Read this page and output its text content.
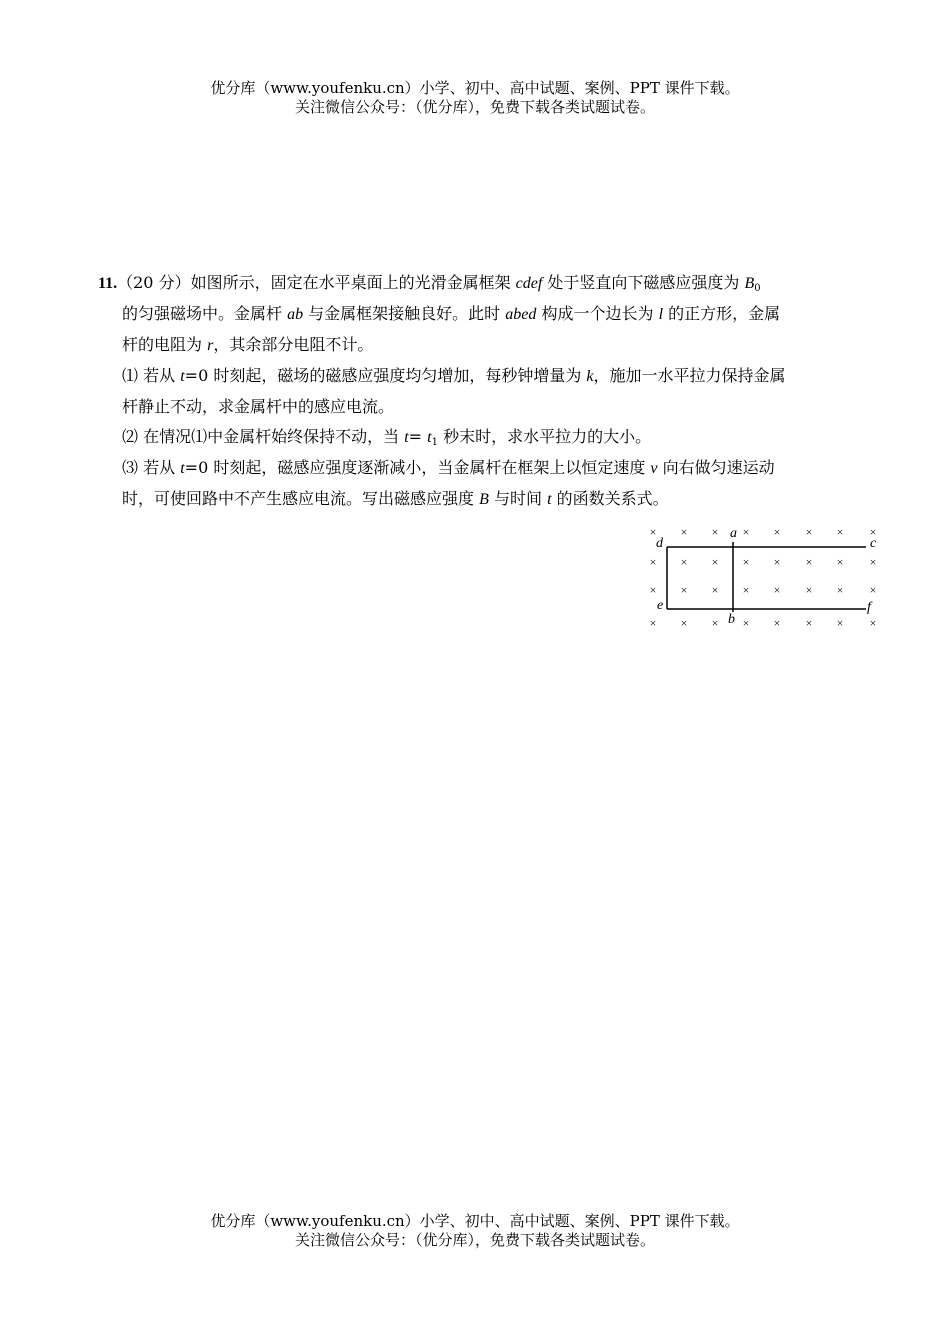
优分库（www.youfenku.cn）小学、初中、高中试题、案例、PPT 课件下载。
关注微信公众号：（优分库），免费下载各类试题试卷。
11.（20 分）如图所示，固定在水平桌面上的光滑金属框架 cdef 处于竖直向下磁感应强度为 $B_0$
的匀强磁场中。金属杆 ab 与金属框架接触良好。此时 abed 构成一个边长为 l 的正方形，金属
杆的电阻为 r，其余部分电阻不计。
⑴ 若从 t=0 时刻起，磁场的磁感应强度均匀增加，每秒钟增量为 k，施加一水平拉力保持金属
杆静止不动，求金属杆中的感应电流。
⑵ 在情况⑴中金属杆始终保持不动，当 $t= t_1$ 秒末时，求水平拉力的大小。
⑶ 若从 t=0 时刻起，磁感应强度逐渐减小，当金属杆在框架上以恒定速度 v 向右做匀速运动
时，可使回路中不产生感应电流。写出磁感应强度 B 与时间 t 的函数关系式。
× × × × × × × ×
× × × × × × × ×
× × × × × × × ×
× × × × × × × ×
a
b
c
d
e	f
优分库（www.youfenku.cn）小学、初中、高中试题、案例、PPT 课件下载。
关注微信公众号：（优分库），免费下载各类试题试卷。
